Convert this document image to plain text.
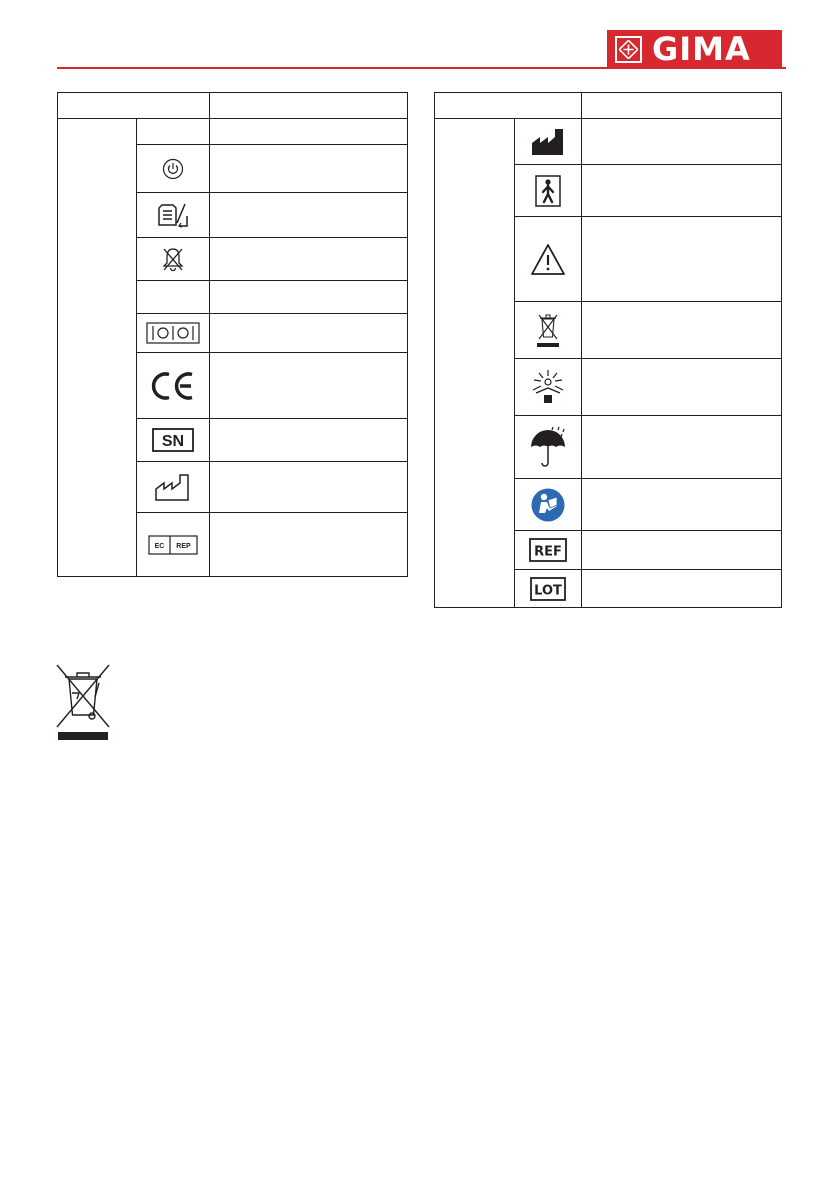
GIMA

SN	

EC REP	

REF	

LOT	
